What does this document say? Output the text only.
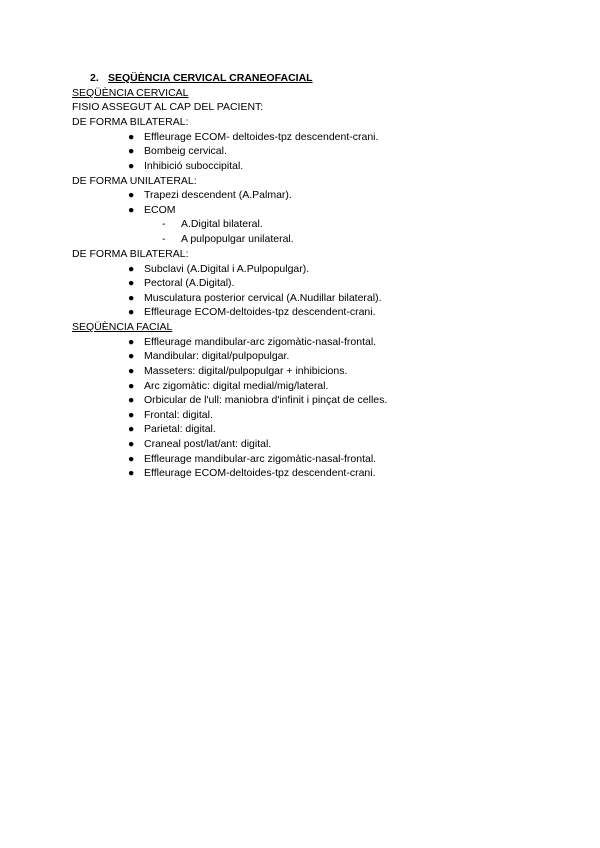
2. SEQÜÈNCIA CERVICAL CRANEOFACIAL
SEQÜÈNCIA CERVICAL
FISIO ASSEGUT AL CAP DEL PACIENT:
DE FORMA BILATERAL:
● Effleurage ECOM- deltoides-tpz descendent-crani.
● Bombeig cervical.
● Inhibició suboccipital.
DE FORMA UNILATERAL:
● Trapezi descendent (A.Palmar).
● ECOM
- A.Digital bilateral.
- A pulpopulgar unilateral.
DE FORMA BILATERAL:
● Subclavi (A.Digital i A.Pulpopulgar).
● Pectoral (A.Digital).
● Musculatura posterior cervical (A.Nudillar bilateral).
● Effleurage ECOM-deltoides-tpz descendent-crani.
SEQÜÈNCIA FACIAL
● Effleurage mandibular-arc zigomàtic-nasal-frontal.
● Mandibular: digital/pulpopulgar.
● Masseters: digital/pulpopulgar + inhibicions.
● Arc zigomàtic: digital medial/mig/lateral.
● Orbicular de l'ull: maniobra d'infinit i pinçat de celles.
● Frontal: digital.
● Parietal: digital.
● Craneal post/lat/ant: digital.
● Effleurage mandibular-arc zigomàtic-nasal-frontal.
● Effleurage ECOM-deltoides-tpz descendent-crani.
